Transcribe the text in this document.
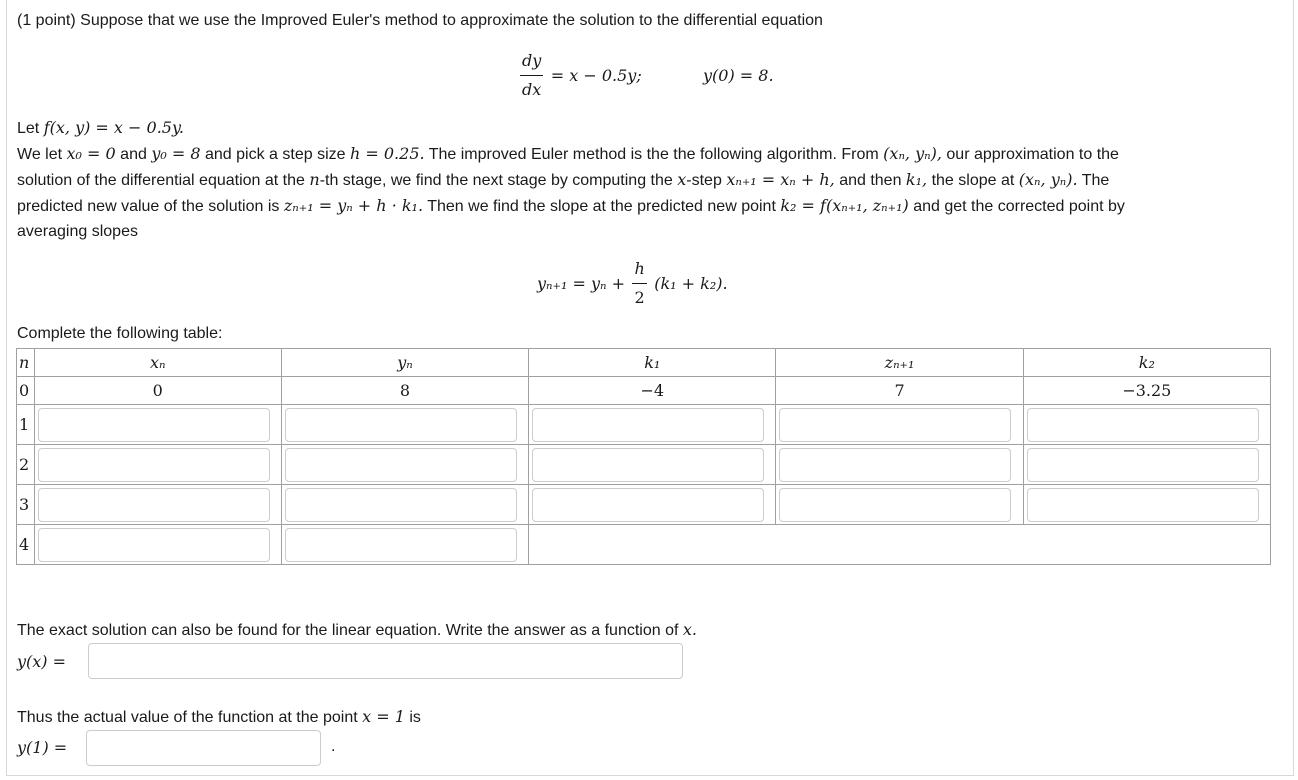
(1 point) Suppose that we use the Improved Euler's method to approximate the solution to the differential equation
$\frac{dy}{dx} = x - 0.5y$;	y(0) = 8.
Let f(x, y) = x − 0.5y.
We let x₀ = 0 and y₀ = 8 and pick a step size h = 0.25. The improved Euler method is the the following algorithm. From (xₙ, yₙ), our approximation to the
solution of the differential equation at the n-th stage, we find the next stage by computing the x-step xₙ₊₁ = xₙ + h, and then k₁, the slope at (xₙ, yₙ). The
predicted new value of the solution is zₙ₊₁ = yₙ + h · k₁. Then we find the slope at the predicted new point k₂ = f(xₙ₊₁, zₙ₊₁) and get the corrected point by
averaging slopes
$y_{n+1} = y_n + \frac{h}{2} (k_1 + k_2)$.
Complete the following table:
n	xₙ	yₙ	k₁	zₙ₊₁	k₂
0	0	8	−4	7	−3.25
1	

2	

3	

4	

The exact solution can also be found for the linear equation. Write the answer as a function of x.
y(x) =
Thus the actual value of the function at the point x = 1 is
y(1) =	.
